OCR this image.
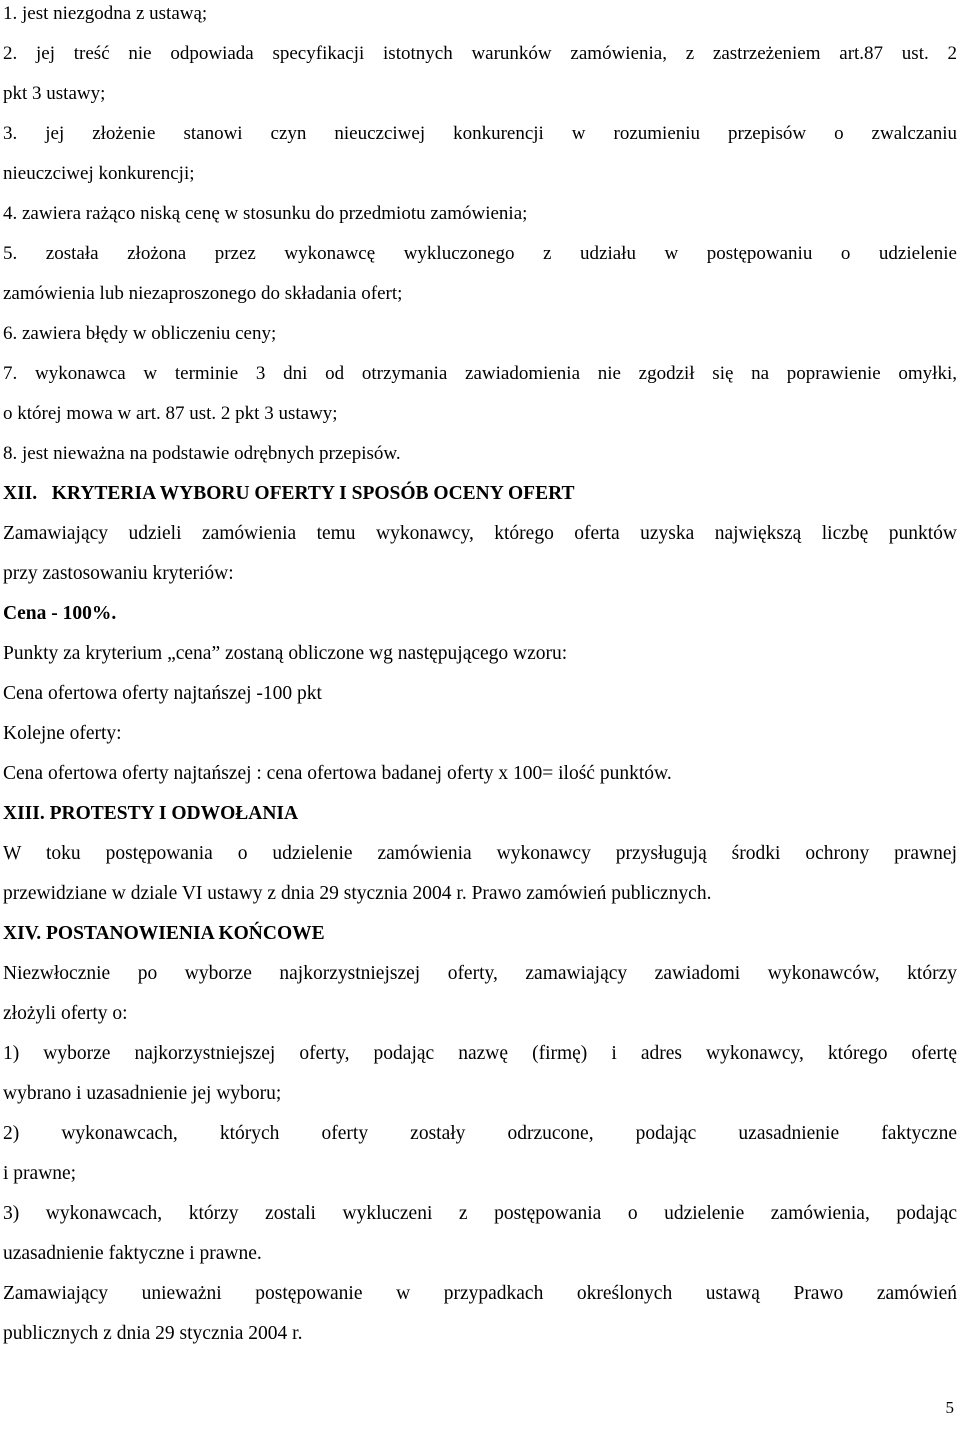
1. jest niezgodna z ustawą;
2. jej treść nie odpowiada specyfikacji istotnych warunków zamówienia, z zastrzeżeniem art.87 ust. 2
pkt 3 ustawy;
3. jej złożenie stanowi czyn nieuczciwej konkurencji w rozumieniu przepisów o zwalczaniu
nieuczciwej konkurencji;
4. zawiera rażąco niską cenę w stosunku do przedmiotu zamówienia;
5. została złożona przez wykonawcę wykluczonego z udziału w postępowaniu o udzielenie
zamówienia lub niezaproszonego do składania ofert;
6. zawiera błędy w obliczeniu ceny;
7. wykonawca w terminie 3 dni od otrzymania zawiadomienia nie zgodził się na poprawienie omyłki,
o której mowa w art. 87 ust. 2 pkt 3 ustawy;
8. jest nieważna na podstawie odrębnych przepisów.
XII.   KRYTERIA WYBORU OFERTY I SPOSÓB OCENY OFERT
Zamawiający udzieli zamówienia temu wykonawcy, którego oferta uzyska największą liczbę punktów
przy zastosowaniu kryteriów:
Cena - 100%.
Punkty za kryterium „cena” zostaną obliczone wg następującego wzoru:
Cena ofertowa oferty najtańszej -100 pkt
Kolejne oferty:
Cena ofertowa oferty najtańszej : cena ofertowa badanej oferty x 100= ilość punktów.
XIII. PROTESTY I ODWOŁANIA
W toku postępowania o udzielenie zamówienia wykonawcy przysługują środki ochrony prawnej
przewidziane w dziale VI ustawy z dnia 29 stycznia 2004 r. Prawo zamówień publicznych.
XIV. POSTANOWIENIA KOŃCOWE
Niezwłocznie po wyborze najkorzystniejszej oferty, zamawiający zawiadomi wykonawców, którzy
złożyli oferty o:
1) wyborze najkorzystniejszej oferty, podając nazwę (firmę) i adres wykonawcy, którego ofertę
wybrano i uzasadnienie jej wyboru;
2) wykonawcach, których oferty zostały odrzucone, podając uzasadnienie faktyczne
i prawne;
3) wykonawcach, którzy zostali wykluczeni z postępowania o udzielenie zamówienia, podając
uzasadnienie faktyczne i prawne.
Zamawiający unieważni postępowanie w przypadkach określonych ustawą Prawo zamówień
publicznych z dnia 29 stycznia 2004 r.
5
